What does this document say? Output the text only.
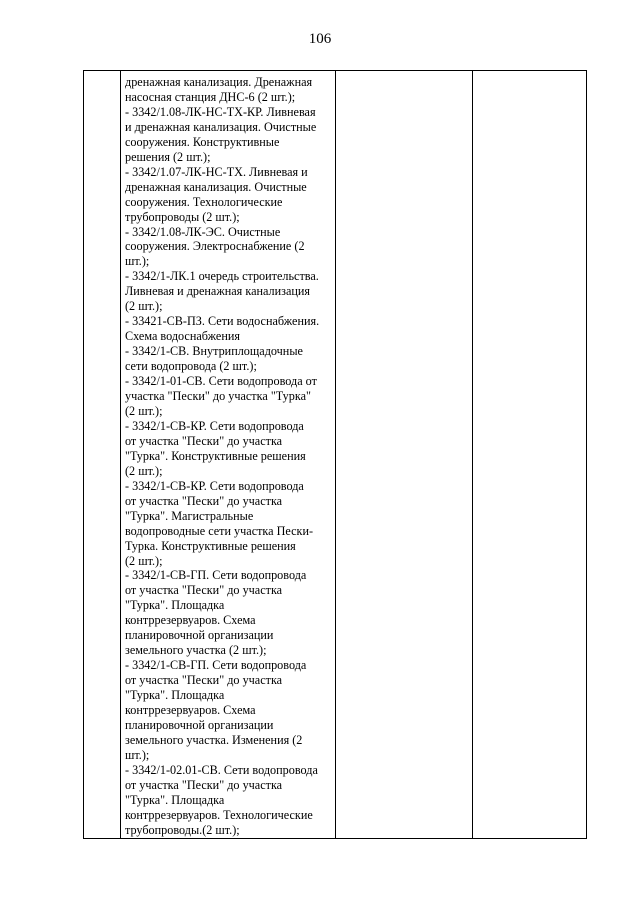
106

дренажная канализация. Дренажная
насосная станция ДНС-6 (2 шт.);
- 3342/1.08-ЛК-НС-ТХ-КР. Ливневая
и дренажная канализация. Очистные
сооружения. Конструктивные
решения (2 шт.);
- 3342/1.07-ЛК-НС-ТХ. Ливневая и
дренажная канализация. Очистные
сооружения. Технологические
трубопроводы (2 шт.);
- 3342/1.08-ЛК-ЭС. Очистные
сооружения. Электроснабжение (2
шт.);
- 3342/1-ЛК.1 очередь строительства.
Ливневая и дренажная канализация
(2 шт.);
- 33421-СВ-ПЗ. Сети водоснабжения.
Схема водоснабжения
- 3342/1-СВ. Внутриплощадочные
сети водопровода (2 шт.);
- 3342/1-01-СВ. Сети водопровода от
участка "Пески" до участка "Турка"
(2 шт.);
- 3342/1-СВ-КР. Сети водопровода
от участка "Пески" до участка
"Турка". Конструктивные решения
(2 шт.);
- 3342/1-СВ-КР. Сети водопровода
от участка "Пески" до участка
"Турка". Магистральные
водопроводные сети участка Пески-
Турка. Конструктивные решения
(2 шт.);
- 3342/1-СВ-ГП. Сети водопровода
от участка "Пески" до участка
"Турка". Площадка
контррезервуаров. Схема
планировочной организации
земельного участка (2 шт.);
- 3342/1-СВ-ГП. Сети водопровода
от участка "Пески" до участка
"Турка". Площадка
контррезервуаров. Схема
планировочной организации
земельного участка. Изменения (2
шт.);
- 3342/1-02.01-СВ. Сети водопровода
от участка "Пески" до участка
"Турка". Площадка
контррезервуаров. Технологические
трубопроводы.(2 шт.);
